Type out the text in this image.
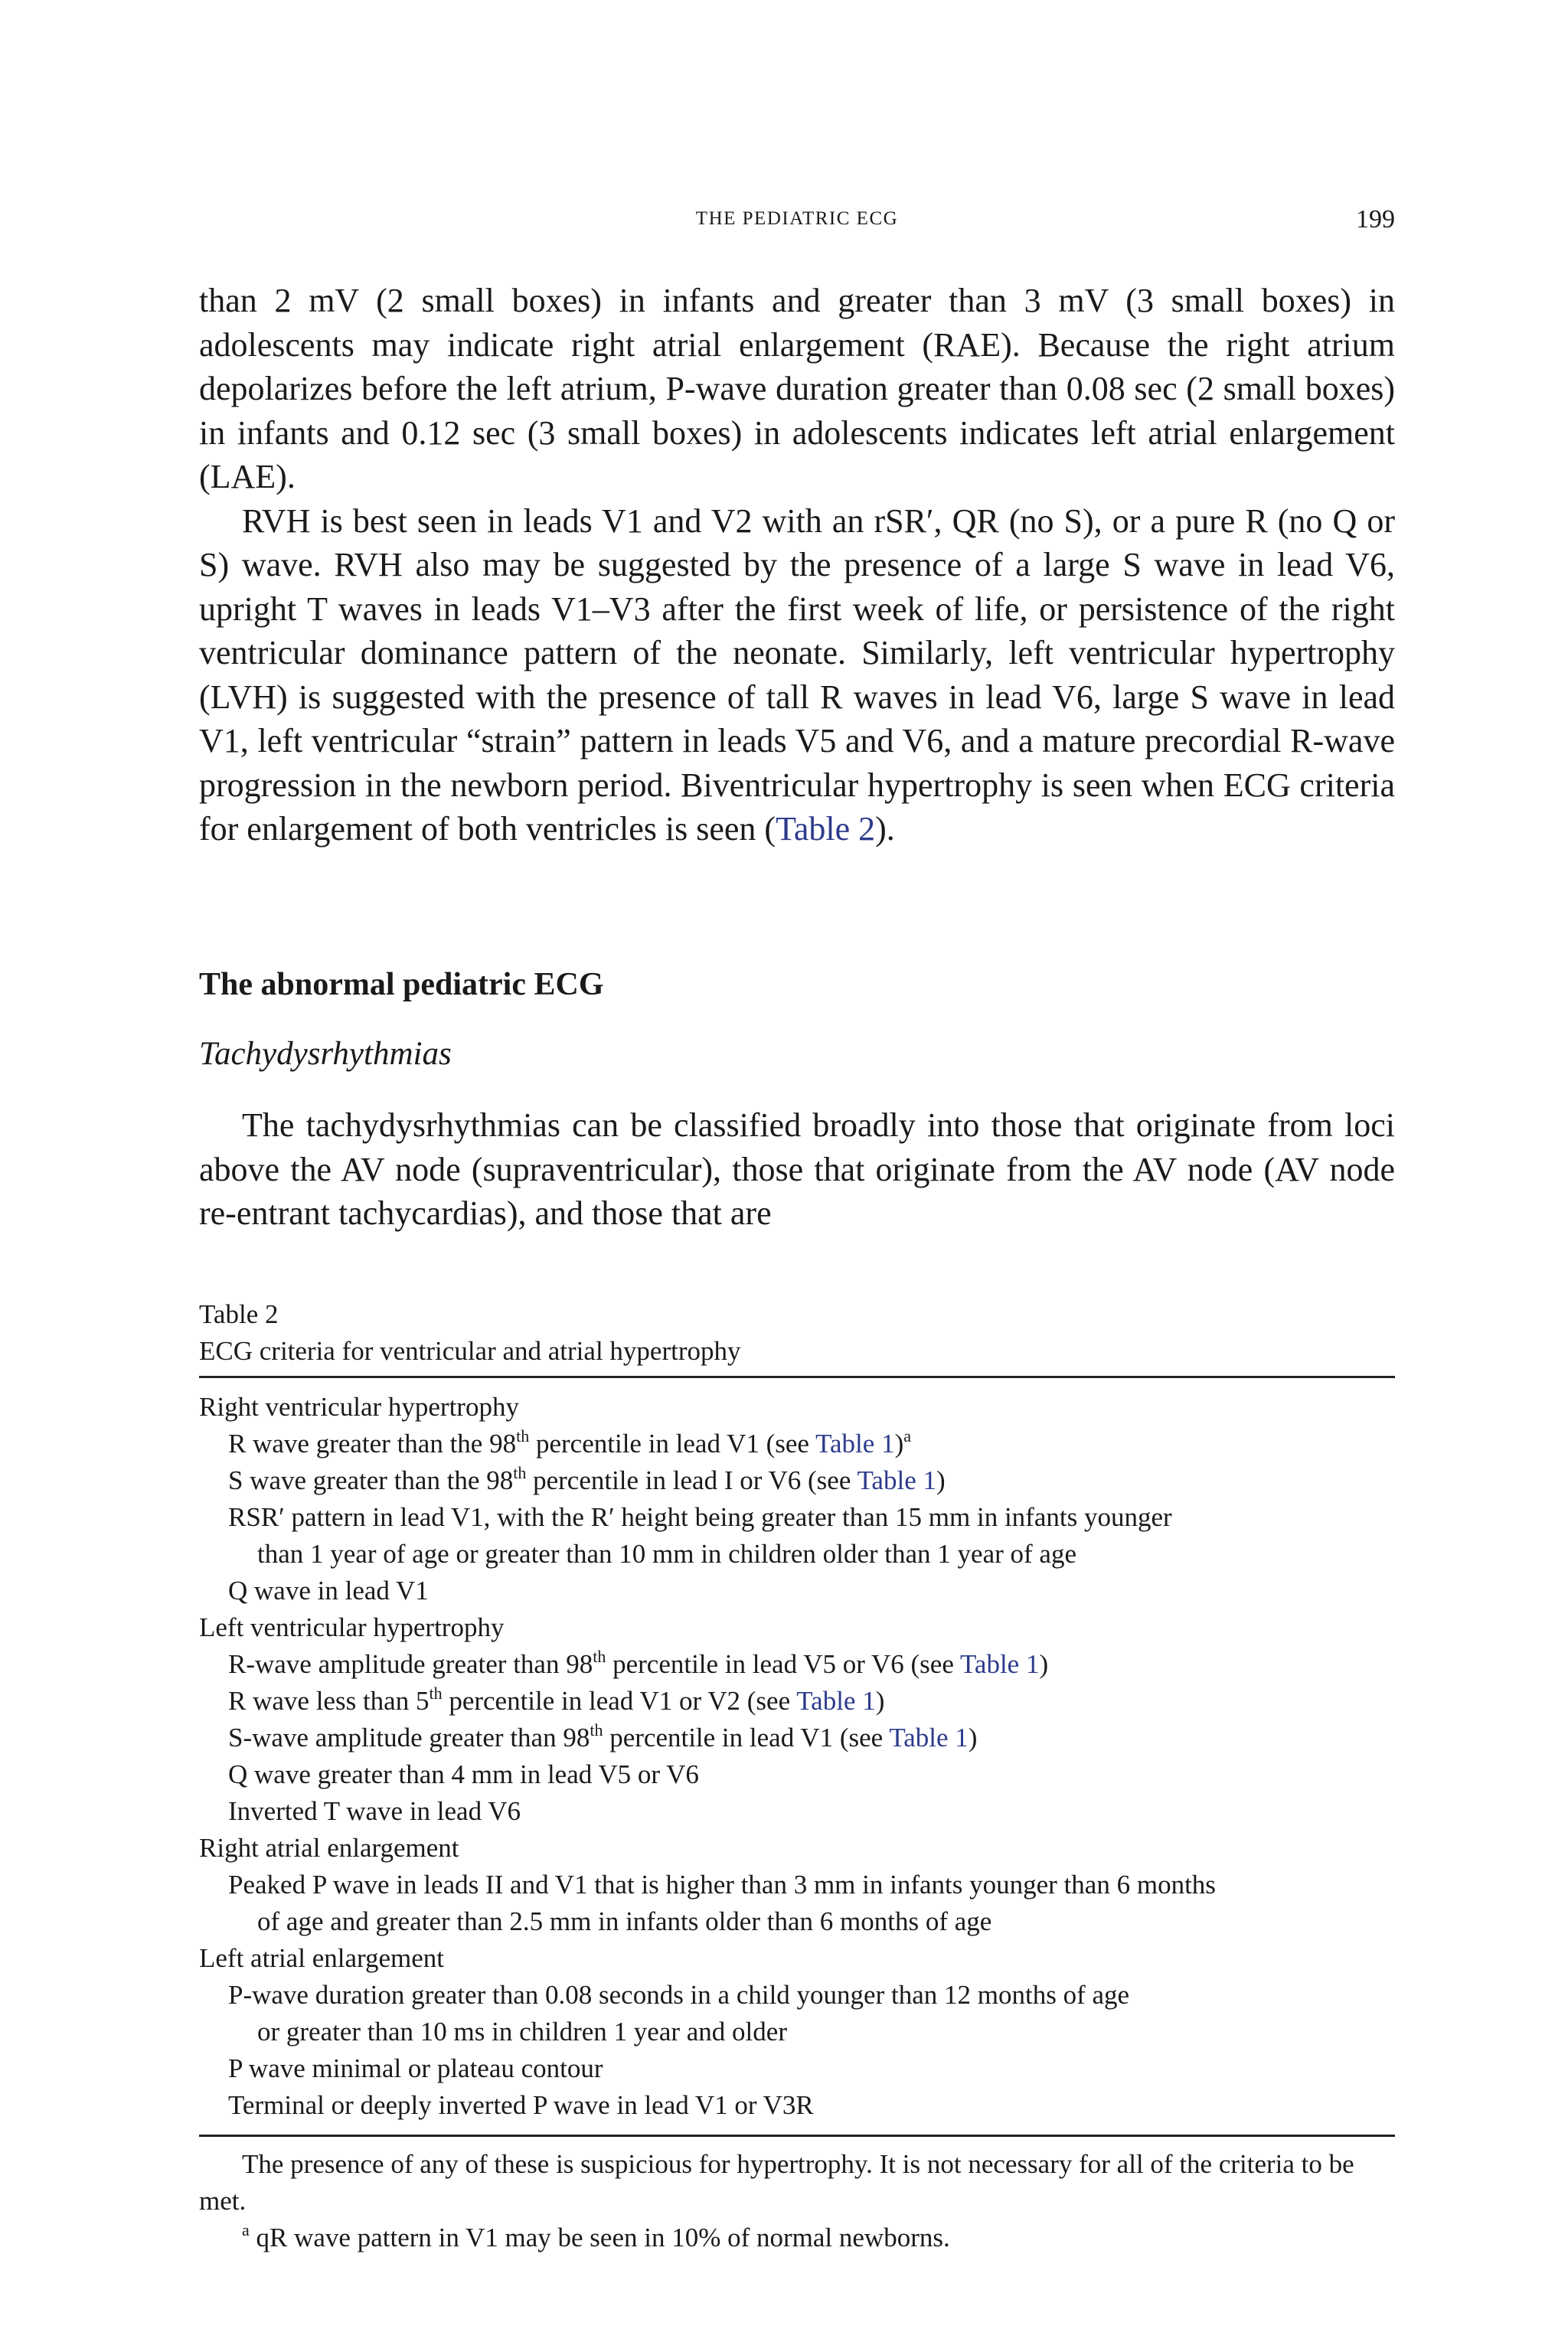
THE PEDIATRIC ECG	199

than 2 mV (2 small boxes) in infants and greater than 3 mV (3 small boxes) in adolescents may indicate right atrial enlargement (RAE). Because the right atrium depolarizes before the left atrium, P-wave duration greater than 0.08 sec (2 small boxes) in infants and 0.12 sec (3 small boxes) in adolescents indicates left atrial enlargement (LAE).

RVH is best seen in leads V1 and V2 with an rSR′, QR (no S), or a pure R (no Q or S) wave. RVH also may be suggested by the presence of a large S wave in lead V6, upright T waves in leads V1–V3 after the first week of life, or persistence of the right ventricular dominance pattern of the neonate. Similarly, left ventricular hypertrophy (LVH) is suggested with the presence of tall R waves in lead V6, large S wave in lead V1, left ventricular “strain” pattern in leads V5 and V6, and a mature precordial R-wave progression in the newborn period. Biventricular hypertrophy is seen when ECG criteria for enlargement of both ventricles is seen (Table 2).

The abnormal pediatric ECG
Tachydysrhythmias

The tachydysrhythmias can be classified broadly into those that originate from loci above the AV node (supraventricular), those that originate from the AV node (AV node re-entrant tachycardias), and those that are

Table 2
ECG criteria for ventricular and atrial hypertrophy
Right ventricular hypertrophy
R wave greater than the 98th percentile in lead V1 (see Table 1)$^a$
S wave greater than the 98th percentile in lead I or V6 (see Table 1)
RSR′ pattern in lead V1, with the R′ height being greater than 15 mm in infants younger
than 1 year of age or greater than 10 mm in children older than 1 year of age
Q wave in lead V1
Left ventricular hypertrophy
R-wave amplitude greater than 98th percentile in lead V5 or V6 (see Table 1)
R wave less than 5th percentile in lead V1 or V2 (see Table 1)
S-wave amplitude greater than 98th percentile in lead V1 (see Table 1)
Q wave greater than 4 mm in lead V5 or V6
Inverted T wave in lead V6
Right atrial enlargement
Peaked P wave in leads II and V1 that is higher than 3 mm in infants younger than 6 months
of age and greater than 2.5 mm in infants older than 6 months of age
Left atrial enlargement
P-wave duration greater than 0.08 seconds in a child younger than 12 months of age
or greater than 10 ms in children 1 year and older
P wave minimal or plateau contour
Terminal or deeply inverted P wave in lead V1 or V3R
The presence of any of these is suspicious for hypertrophy. It is not necessary for all of the criteria to be met.
$^a$ qR wave pattern in V1 may be seen in 10% of normal newborns.
